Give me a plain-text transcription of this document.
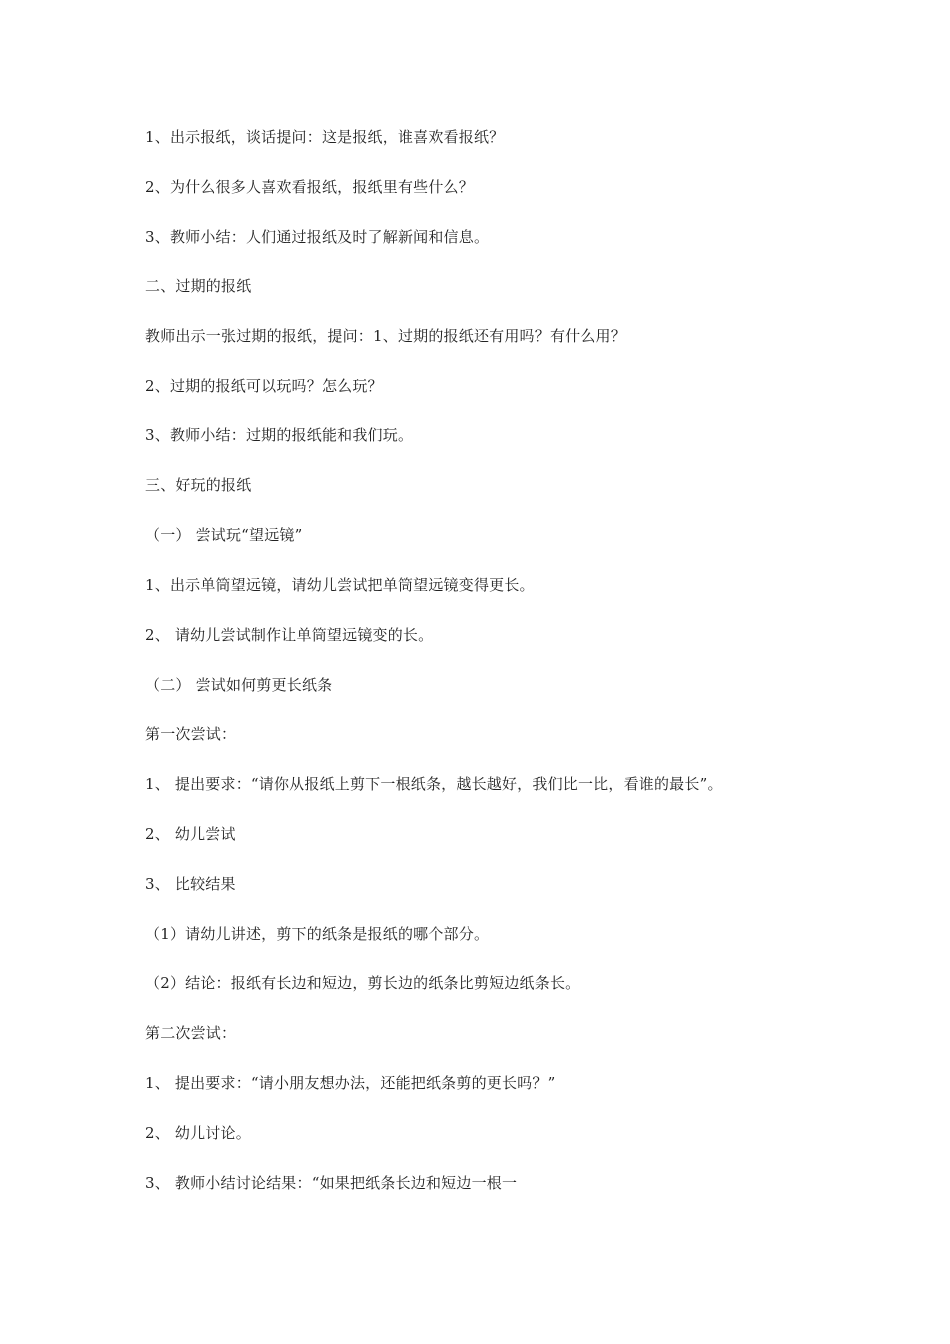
1、出示报纸，谈话提问：这是报纸，谁喜欢看报纸？
2、为什么很多人喜欢看报纸，报纸里有些什么？
3、教师小结：人们通过报纸及时了解新闻和信息。
二、过期的报纸
教师出示一张过期的报纸，提问：1、过期的报纸还有用吗？有什么用？
2、过期的报纸可以玩吗？怎么玩？
3、教师小结：过期的报纸能和我们玩。
三、好玩的报纸
（一） 尝试玩“望远镜”
1、出示单筒望远镜，请幼儿尝试把单筒望远镜变得更长。
2、 请幼儿尝试制作让单筒望远镜变的长。
（二） 尝试如何剪更长纸条
第一次尝试：
1、 提出要求：“请你从报纸上剪下一根纸条，越长越好，我们比一比，看谁的最长”。
2、 幼儿尝试
3、 比较结果
（1）请幼儿讲述，剪下的纸条是报纸的哪个部分。
（2）结论：报纸有长边和短边，剪长边的纸条比剪短边纸条长。
第二次尝试：
1、 提出要求：“请小朋友想办法，还能把纸条剪的更长吗？”
2、 幼儿讨论。
3、 教师小结讨论结果：“如果把纸条长边和短边一根一
